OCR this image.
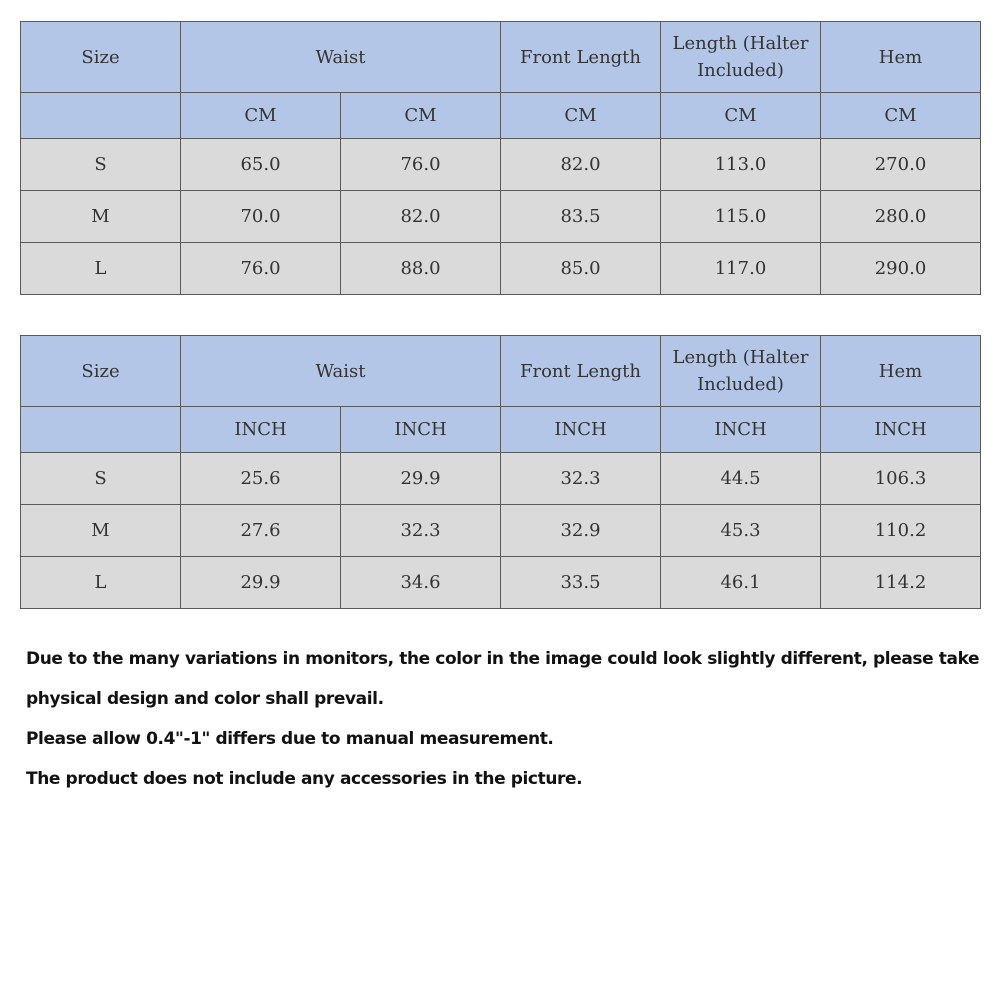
Size	Waist		Front Length	Length (Halter Included)	Hem
	CM	CM	CM	CM	CM
S	65.0	76.0	82.0	113.0	270.0
M	70.0	82.0	83.5	115.0	280.0
L	76.0	88.0	85.0	117.0	290.0
Size	Waist		Front Length	Length (Halter Included)	Hem
	INCH	INCH	INCH	INCH	INCH
S	25.6	29.9	32.3	44.5	106.3
M	27.6	32.3	32.9	45.3	110.2
L	29.9	34.6	33.5	46.1	114.2

Due to the many variations in monitors, the color in the image could look slightly different, please take

physical design and color shall prevail.

Please allow 0.4"-1" differs due to manual measurement.

The product does not include any accessories in the picture.
